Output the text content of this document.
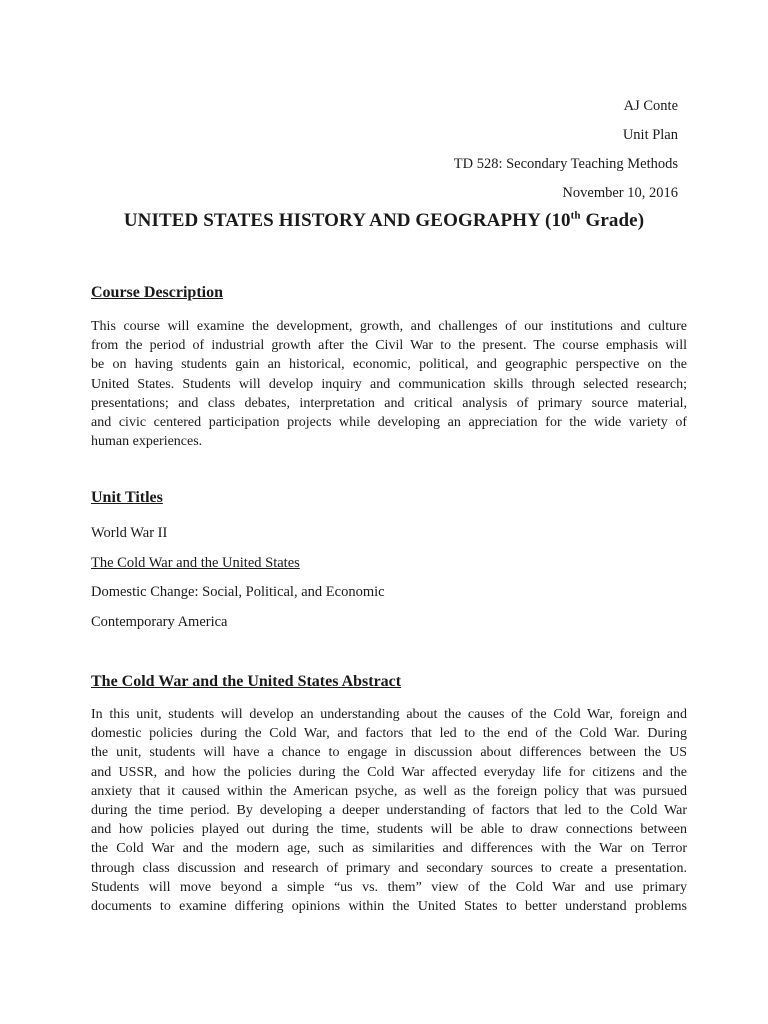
AJ Conte
Unit Plan
TD 528: Secondary Teaching Methods
November 10, 2016
UNITED STATES HISTORY AND GEOGRAPHY (10th Grade)
Course Description
This course will examine the development, growth, and challenges of our institutions and culture
from the period of industrial growth after the Civil War to the present. The course emphasis will
be on having students gain an historical, economic, political, and geographic perspective on the
United States. Students will develop inquiry and communication skills through selected research;
presentations; and class debates, interpretation and critical analysis of primary source material,
and civic centered participation projects while developing an appreciation for the wide variety of
human experiences.
Unit Titles
World War II
The Cold War and the United States
Domestic Change: Social, Political, and Economic
Contemporary America
The Cold War and the United States Abstract
In this unit, students will develop an understanding about the causes of the Cold War, foreign and
domestic policies during the Cold War, and factors that led to the end of the Cold War. During
the unit, students will have a chance to engage in discussion about differences between the US
and USSR, and how the policies during the Cold War affected everyday life for citizens and the
anxiety that it caused within the American psyche, as well as the foreign policy that was pursued
during the time period. By developing a deeper understanding of factors that led to the Cold War
and how policies played out during the time, students will be able to draw connections between
the Cold War and the modern age, such as similarities and differences with the War on Terror
through class discussion and research of primary and secondary sources to create a presentation.
Students will move beyond a simple “us vs. them” view of the Cold War and use primary
documents to examine differing opinions within the United States to better understand problems
